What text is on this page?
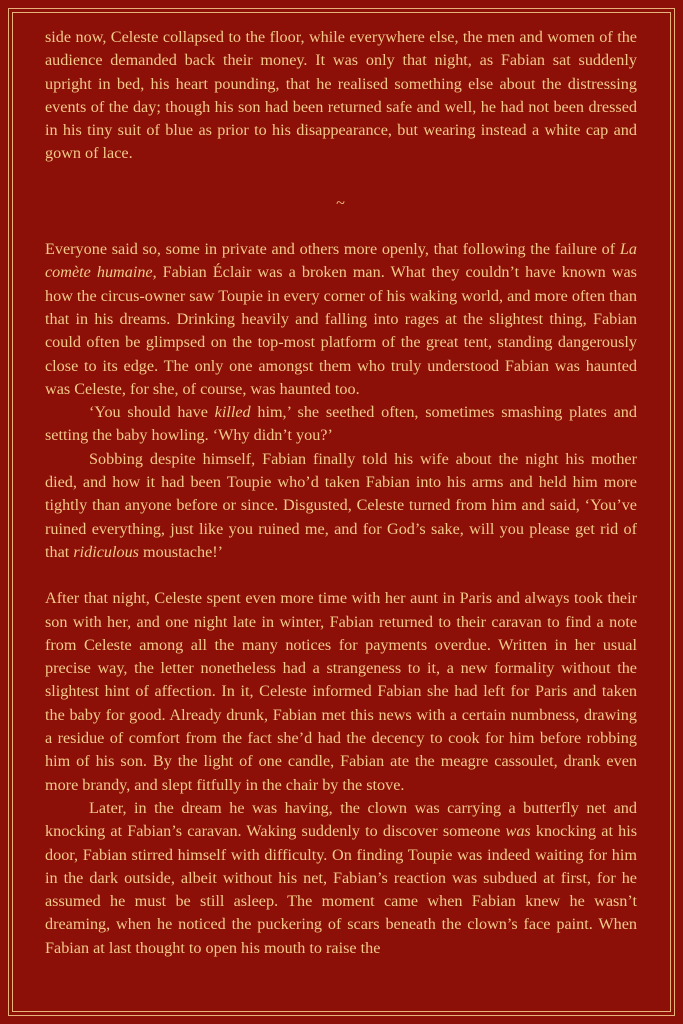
side now, Celeste collapsed to the floor, while everywhere else, the men and women of the audience demanded back their money. It was only that night, as Fabian sat suddenly upright in bed, his heart pounding, that he realised something else about the distressing events of the day; though his son had been returned safe and well, he had not been dressed in his tiny suit of blue as prior to his disappearance, but wearing instead a white cap and gown of lace.

~

Everyone said so, some in private and others more openly, that following the failure of La comète humaine, Fabian Éclair was a broken man. What they couldn’t have known was how the circus-owner saw Toupie in every corner of his waking world, and more often than that in his dreams. Drinking heavily and falling into rages at the slightest thing, Fabian could often be glimpsed on the top-most platform of the great tent, standing dangerously close to its edge. The only one amongst them who truly understood Fabian was haunted was Celeste, for she, of course, was haunted too.

‘You should have killed him,’ she seethed often, sometimes smashing plates and setting the baby howling. ‘Why didn’t you?’

Sobbing despite himself, Fabian finally told his wife about the night his mother died, and how it had been Toupie who’d taken Fabian into his arms and held him more tightly than anyone before or since. Disgusted, Celeste turned from him and said, ‘You’ve ruined everything, just like you ruined me, and for God’s sake, will you please get rid of that ridiculous moustache!’

After that night, Celeste spent even more time with her aunt in Paris and always took their son with her, and one night late in winter, Fabian returned to their caravan to find a note from Celeste among all the many notices for payments overdue. Written in her usual precise way, the letter nonetheless had a strangeness to it, a new formality without the slightest hint of affection. In it, Celeste informed Fabian she had left for Paris and taken the baby for good. Already drunk, Fabian met this news with a certain numbness, drawing a residue of comfort from the fact she’d had the decency to cook for him before robbing him of his son. By the light of one candle, Fabian ate the meagre cassoulet, drank even more brandy, and slept fitfully in the chair by the stove.

Later, in the dream he was having, the clown was carrying a butterfly net and knocking at Fabian’s caravan. Waking suddenly to discover someone was knocking at his door, Fabian stirred himself with difficulty. On finding Toupie was indeed waiting for him in the dark outside, albeit without his net, Fabian’s reaction was subdued at first, for he assumed he must be still asleep. The moment came when Fabian knew he wasn’t dreaming, when he noticed the puckering of scars beneath the clown’s face paint. When Fabian at last thought to open his mouth to raise the
